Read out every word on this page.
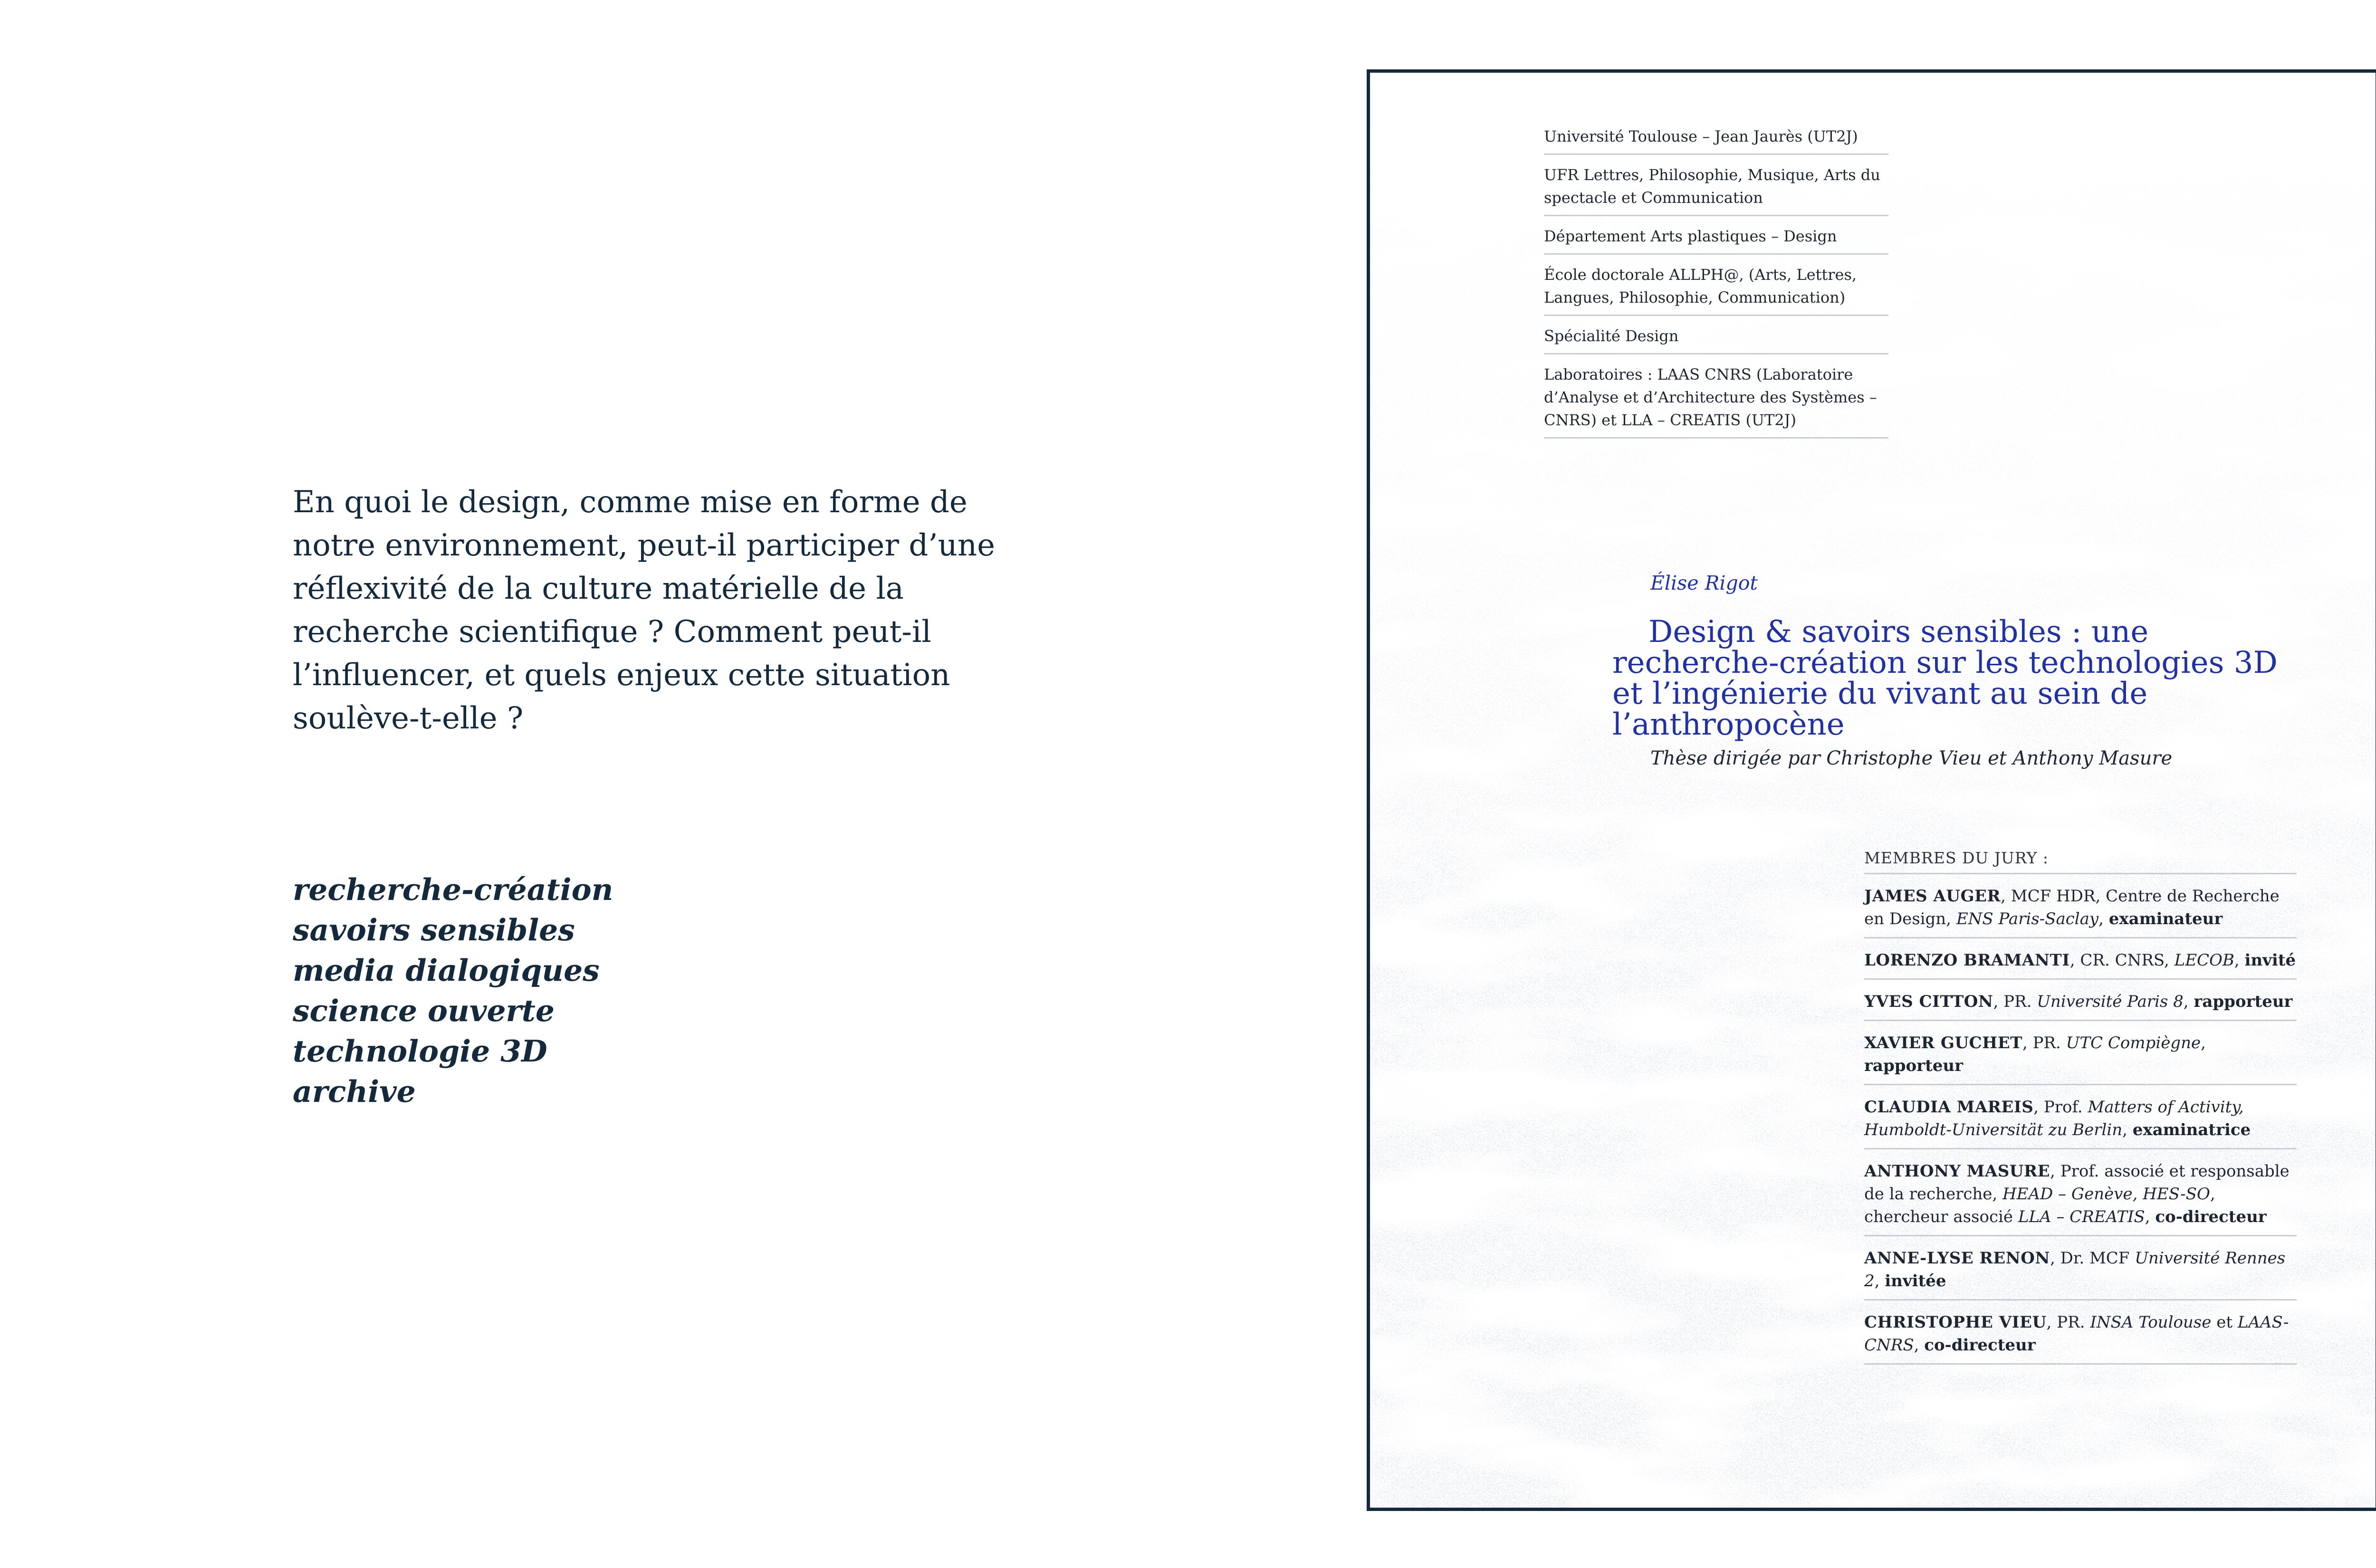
En quoi le design, comme mise en forme de notre environnement, peut-il participer d’une réflexivité de la culture matérielle de la recherche scientifique ? Comment peut-il l’influencer, et quels enjeux cette situation soulève-t-elle ?

recherche-création
savoirs sensibles
media dialogiques
science ouverte
technologie 3D
archive
Université Toulouse – Jean Jaurès (UT2J)
UFR Lettres, Philosophie, Musique, Arts du spectacle et Communication
Département Arts plastiques – Design
École doctorale ALLPH@, (Arts, Lettres, Langues, Philosophie, Communication)
Spécialité Design
Laboratoires : LAAS CNRS (Laboratoire d’Analyse et d’Architecture des Systèmes – CNRS) et LLA – CREATIS (UT2J)
Élise Rigot
Design & savoirs sensibles : une recherche-création sur les technologies 3D et l’ingénierie du vivant au sein de l’anthropocène
Thèse dirigée par Christophe Vieu et Anthony Masure
MEMBRES DU JURY :
JAMES AUGER, MCF HDR, Centre de Recherche en Design, ENS Paris-Saclay, examinateur
LORENZO BRAMANTI, CR. CNRS, LECOB, invité
YVES CITTON, PR. Université Paris 8, rapporteur
XAVIER GUCHET, PR. UTC Compiègne, rapporteur
CLAUDIA MAREIS, Prof. Matters of Activity, Humboldt-Universität zu Berlin, examinatrice
ANTHONY MASURE, Prof. associé et responsable de la recherche, HEAD – Genève, HES-SO, chercheur associé LLA – CREATIS, co-directeur
ANNE-LYSE RENON, Dr. MCF Université Rennes 2, invitée
CHRISTOPHE VIEU, PR. INSA Toulouse et LAAS-CNRS, co-directeur
